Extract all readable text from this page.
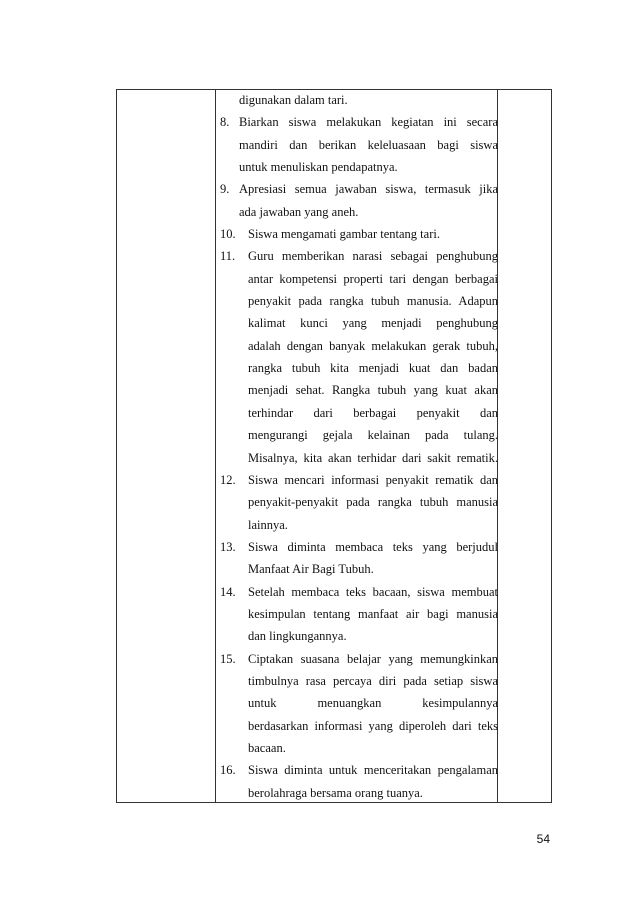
digunakan dalam tari.
8. Biarkan siswa melakukan kegiatan ini secara
mandiri dan berikan keleluasaan bagi siswa
untuk menuliskan pendapatnya.
9. Apresiasi semua jawaban siswa, termasuk jika
ada jawaban yang aneh.
10. Siswa mengamati gambar tentang tari.
11. Guru memberikan narasi sebagai penghubung
antar kompetensi properti tari dengan berbagai
penyakit pada rangka tubuh manusia. Adapun
kalimat kunci yang menjadi penghubung
adalah dengan banyak melakukan gerak tubuh,
rangka tubuh kita menjadi kuat dan badan
menjadi sehat. Rangka tubuh yang kuat akan
terhindar dari berbagai penyakit dan
mengurangi gejala kelainan pada tulang.
Misalnya, kita akan terhidar dari sakit rematik.
12. Siswa mencari informasi penyakit rematik dan
penyakit-penyakit pada rangka tubuh manusia
lainnya.
13. Siswa diminta membaca teks yang berjudul
Manfaat Air Bagi Tubuh.
14. Setelah membaca teks bacaan, siswa membuat
kesimpulan tentang manfaat air bagi manusia
dan lingkungannya.
15. Ciptakan suasana belajar yang memungkinkan
timbulnya rasa percaya diri pada setiap siswa
untuk menuangkan kesimpulannya
berdasarkan informasi yang diperoleh dari teks
bacaan.
16. Siswa diminta untuk menceritakan pengalaman
berolahraga bersama orang tuanya.
54
